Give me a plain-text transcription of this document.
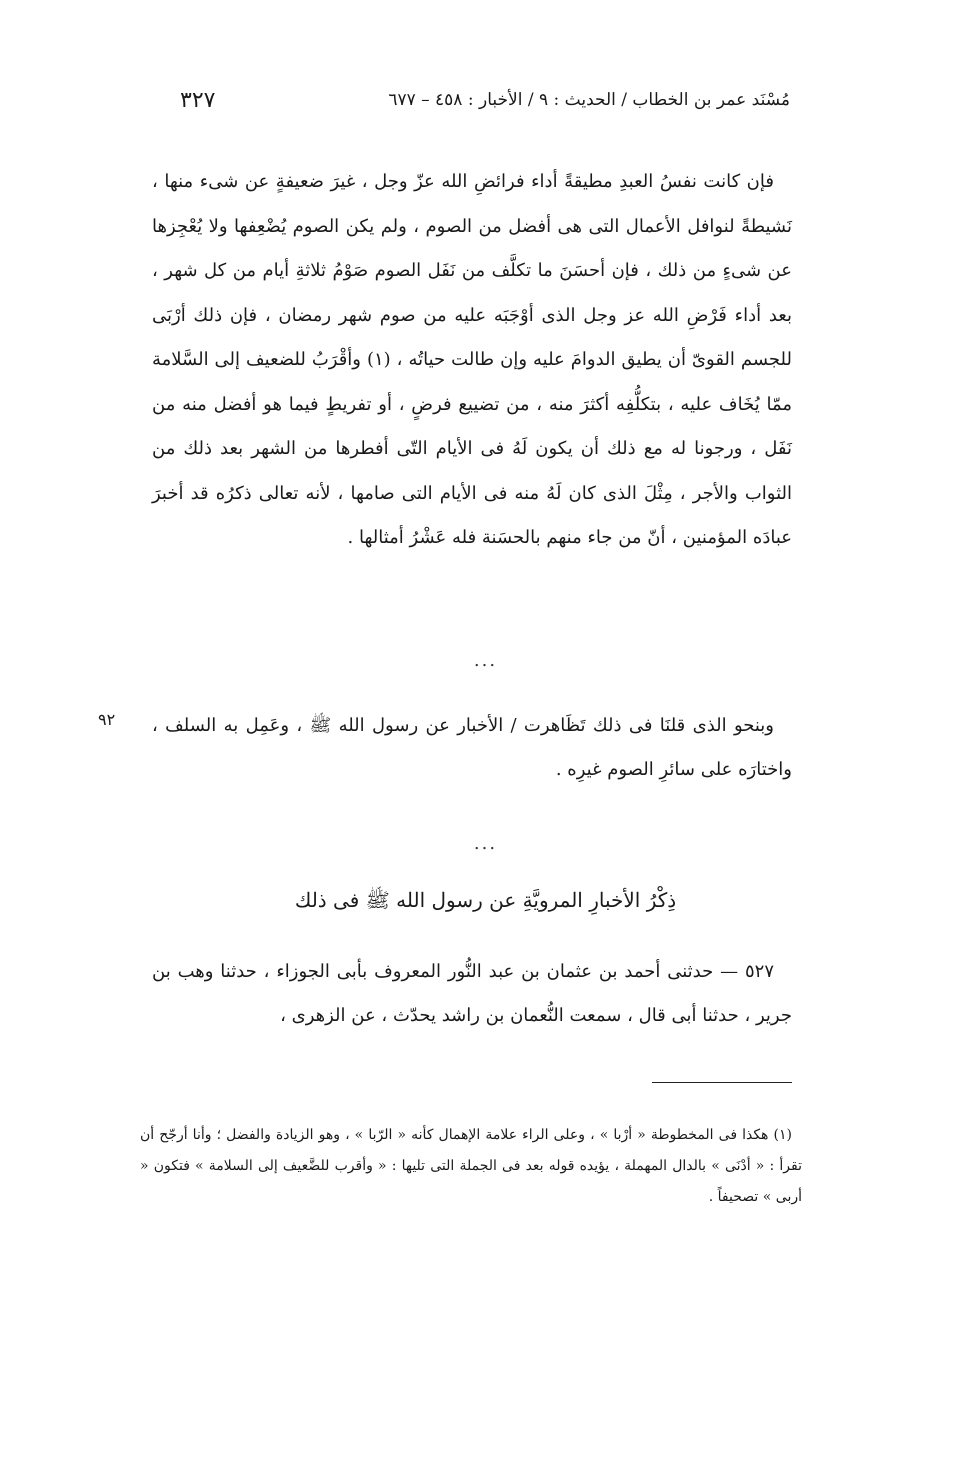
مُسْنَد عمر بن الخطاب / الحديث : ٩ / الأخبار : ٤٥٨ – ٦٧٧
٣٢٧

فإن كانت نفسُ العبدِ مطيقةً أداء فرائضِ الله عزّ وجل ، غيرَ ضعيفةٍ عن شىء منها ، نَشيطةً لنوافل الأعمال التى هى أفضل من الصوم ، ولم يكن الصوم يُضْعِفها ولا يُعْجِزها عن شىءٍ من ذلك ، فإن أحسَنَ ما تكلَّف من نَفَل الصوم صَوْمُ ثلاثةِ أيام من كل شهر ، بعد أداء فَرْضِ الله عز وجل الذى أوْجَبَه عليه من صوم شهر رمضان ، فإن ذلك أرْبَى للجسم القوىّ أن يطيق الدوامَ عليه وإن طالت حياتُه ، (١) وأقْرَبُ للضعيف إلى السَّلامة ممّا يُخَاف عليه ، بتكلُّفِه أكثرَ منه ، من تضييع فرضٍ ، أو تفريطٍ فيما هو أفضل منه من نَفَل ، ورجونا له مع ذلك أن يكون لَهُ فى الأيام التّى أفطرها من الشهر بعد ذلك من الثواب والأجر ، مِثْلَ الذى كان لَهُ منه فى الأيام التى صامها ، لأنه تعالى ذكرُه قد أخبرَ عبادَه المؤمنين ، أنّ من جاء منهم بالحسَنة فله عَشْرُ أمثالها .

...
٩٢ وبنحو الذى قلنَا فى ذلك تَظَاهرت / الأخبار عن رسول الله ﷺ ، وعَمِل به السلف ، واختارَه على سائرِ الصوم غيرِه .

...
ذِكْرُ الأخبارِ المرويَّةِ عن رسول الله ﷺ فى ذلك

٥٢٧ — حدثنى أحمد بن عثمان بن عبد النُّور المعروف بأبى الجوزاء ، حدثنا وهب بن جرير ، حدثنا أبى قال ، سمعت النُّعمان بن راشد يحدّث ، عن الزهرى ،

(١) هكذا فى المخطوطة « أرْبا » ، وعلى الراء علامة الإهمال كأنه « الرّبا » ، وهو الزيادة والفضل ؛ وأنا أرجّح أن تقرأ : « أدْنَى » بالدال المهملة ، يؤيده قوله بعد فى الجملة التى تليها : « وأقرب للضَّعيف إلى السلامة » فتكون « أربى » تصحيفاً .
